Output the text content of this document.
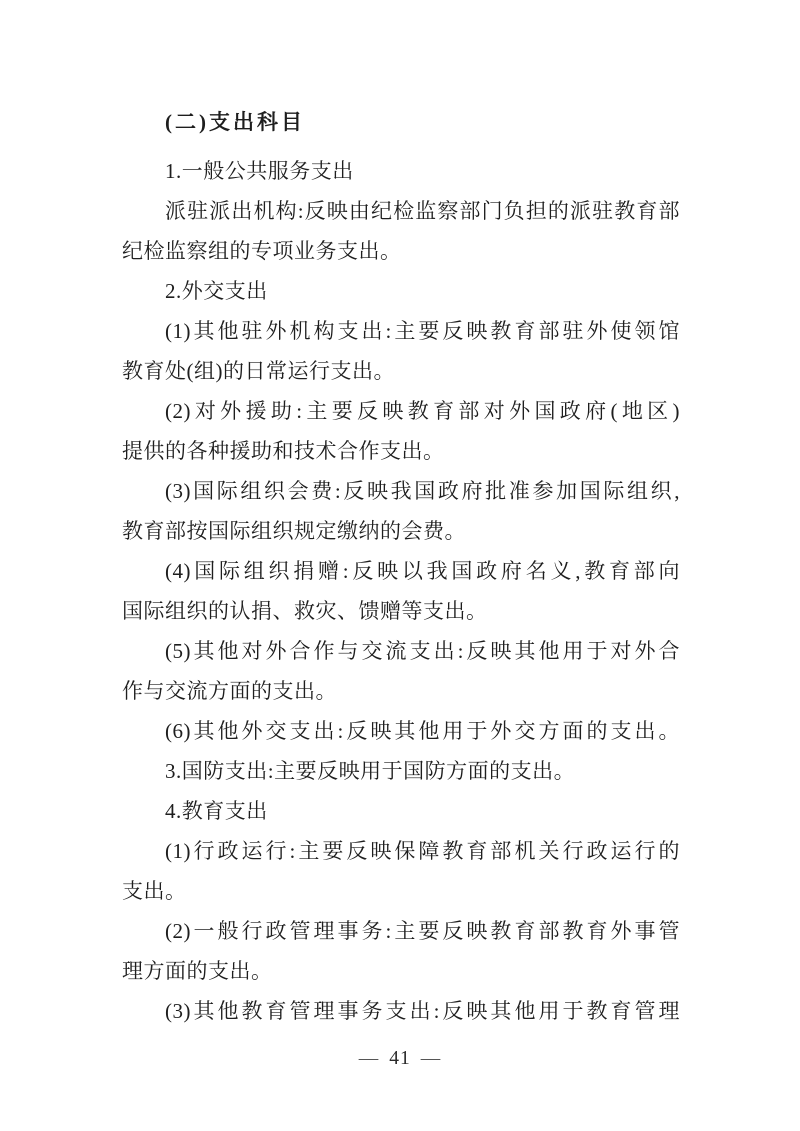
(二)支出科目
1.一般公共服务支出
派驻派出机构:反映由纪检监察部门负担的派驻教育部
纪检监察组的专项业务支出。
2.外交支出
(1)其他驻外机构支出:主要反映教育部驻外使领馆
教育处(组)的日常运行支出。
(2)对外援助:主要反映教育部对外国政府(地区)
提供的各种援助和技术合作支出。
(3)国际组织会费:反映我国政府批准参加国际组织,
教育部按国际组织规定缴纳的会费。
(4)国际组织捐赠:反映以我国政府名义,教育部向
国际组织的认捐、救灾、馈赠等支出。
(5)其他对外合作与交流支出:反映其他用于对外合
作与交流方面的支出。
(6)其他外交支出:反映其他用于外交方面的支出。
3.国防支出:主要反映用于国防方面的支出。
4.教育支出
(1)行政运行:主要反映保障教育部机关行政运行的
支出。
(2)一般行政管理事务:主要反映教育部教育外事管
理方面的支出。
(3)其他教育管理事务支出:反映其他用于教育管理
— 41 —
